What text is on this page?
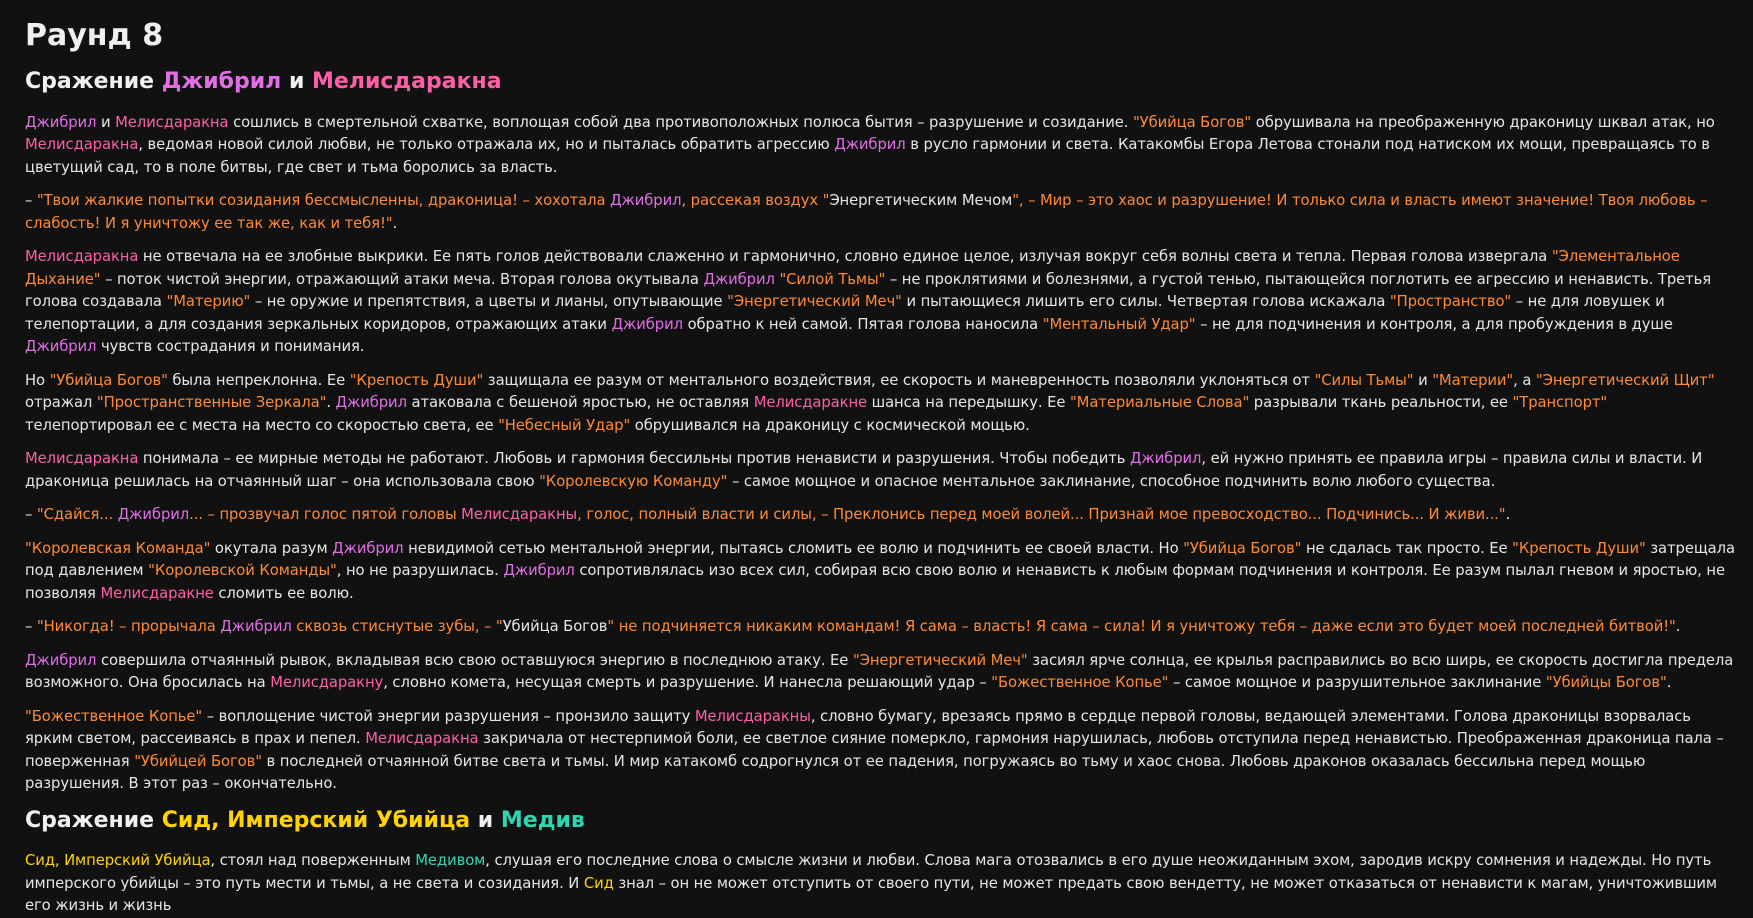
Раунд 8
Сражение Джибрил и Мелисдаракна

Джибрил и Мелисдаракна сошлись в смертельной схватке, воплощая собой два противоположных полюса бытия – разрушение и созидание. "Убийца Богов" обрушивала на преображенную драконицу шквал атак, но Мелисдаракна, ведомая новой силой любви, не только отражала их, но и пыталась обратить агрессию Джибрил в русло гармонии и света. Катакомбы Егора Летова стонали под натиском их мощи, превращаясь то в цветущий сад, то в поле битвы, где свет и тьма боролись за власть.

– "Твои жалкие попытки созидания бессмысленны, драконица! – хохотала Джибрил, рассекая воздух "Энергетическим Мечом", – Мир – это хаос и разрушение! И только сила и власть имеют значение! Твоя любовь – слабость! И я уничтожу ее так же, как и тебя!".

Мелисдаракна не отвечала на ее злобные выкрики. Ее пять голов действовали слаженно и гармонично, словно единое целое, излучая вокруг себя волны света и тепла. Первая голова извергала "Элементальное Дыхание" – поток чистой энергии, отражающий атаки меча. Вторая голова окутывала Джибрил "Силой Тьмы" – не проклятиями и болезнями, а густой тенью, пытающейся поглотить ее агрессию и ненависть. Третья голова создавала "Материю" – не оружие и препятствия, а цветы и лианы, опутывающие "Энергетический Меч" и пытающиеся лишить его силы. Четвертая голова искажала "Пространство" – не для ловушек и телепортации, а для создания зеркальных коридоров, отражающих атаки Джибрил обратно к ней самой. Пятая голова наносила "Ментальный Удар" – не для подчинения и контроля, а для пробуждения в душе Джибрил чувств сострадания и понимания.

Но "Убийца Богов" была непреклонна. Ее "Крепость Души" защищала ее разум от ментального воздействия, ее скорость и маневренность позволяли уклоняться от "Силы Тьмы" и "Материи", а "Энергетический Щит" отражал "Пространственные Зеркала". Джибрил атаковала с бешеной яростью, не оставляя Мелисдаракне шанса на передышку. Ее "Материальные Слова" разрывали ткань реальности, ее "Транспорт" телепортировал ее с места на место со скоростью света, ее "Небесный Удар" обрушивался на драконицу с космической мощью.

Мелисдаракна понимала – ее мирные методы не работают. Любовь и гармония бессильны против ненависти и разрушения. Чтобы победить Джибрил, ей нужно принять ее правила игры – правила силы и власти. И драконица решилась на отчаянный шаг – она использовала свою "Королевскую Команду" – самое мощное и опасное ментальное заклинание, способное подчинить волю любого существа.

– "Сдайся... Джибрил... – прозвучал голос пятой головы Мелисдаракны, голос, полный власти и силы, – Преклонись перед моей волей... Признай мое превосходство... Подчинись... И живи...".

"Королевская Команда" окутала разум Джибрил невидимой сетью ментальной энергии, пытаясь сломить ее волю и подчинить ее своей власти. Но "Убийца Богов" не сдалась так просто. Ее "Крепость Души" затрещала под давлением "Королевской Команды", но не разрушилась. Джибрил сопротивлялась изо всех сил, собирая всю свою волю и ненависть к любым формам подчинения и контроля. Ее разум пылал гневом и яростью, не позволяя Мелисдаракне сломить ее волю.

– "Никогда! – прорычала Джибрил сквозь стиснутые зубы, – "Убийца Богов" не подчиняется никаким командам! Я сама – власть! Я сама – сила! И я уничтожу тебя – даже если это будет моей последней битвой!".

Джибрил совершила отчаянный рывок, вкладывая всю свою оставшуюся энергию в последнюю атаку. Ее "Энергетический Меч" засиял ярче солнца, ее крылья расправились во всю ширь, ее скорость достигла предела возможного. Она бросилась на Мелисдаракну, словно комета, несущая смерть и разрушение. И нанесла решающий удар – "Божественное Копье" – самое мощное и разрушительное заклинание "Убийцы Богов".

"Божественное Копье" – воплощение чистой энергии разрушения – пронзило защиту Мелисдаракны, словно бумагу, врезаясь прямо в сердце первой головы, ведающей элементами. Голова драконицы взорвалась ярким светом, рассеиваясь в прах и пепел. Мелисдаракна закричала от нестерпимой боли, ее светлое сияние померкло, гармония нарушилась, любовь отступила перед ненавистью. Преображенная драконица пала – поверженная "Убийцей Богов" в последней отчаянной битве света и тьмы. И мир катакомб содрогнулся от ее падения, погружаясь во тьму и хаос снова. Любовь драконов оказалась бессильна перед мощью разрушения. В этот раз – окончательно.

Сражение Сид, Имперский Убийца и Медив

Сид, Имперский Убийца, стоял над поверженным Медивом, слушая его последние слова о смысле жизни и любви. Слова мага отозвались в его душе неожиданным эхом, зародив искру сомнения и надежды. Но путь имперского убийцы – это путь мести и тьмы, а не света и созидания. И Сид знал – он не может отступить от своего пути, не может предать свою вендетту, не может отказаться от ненависти к магам, уничтожившим его жизнь и жизнь
